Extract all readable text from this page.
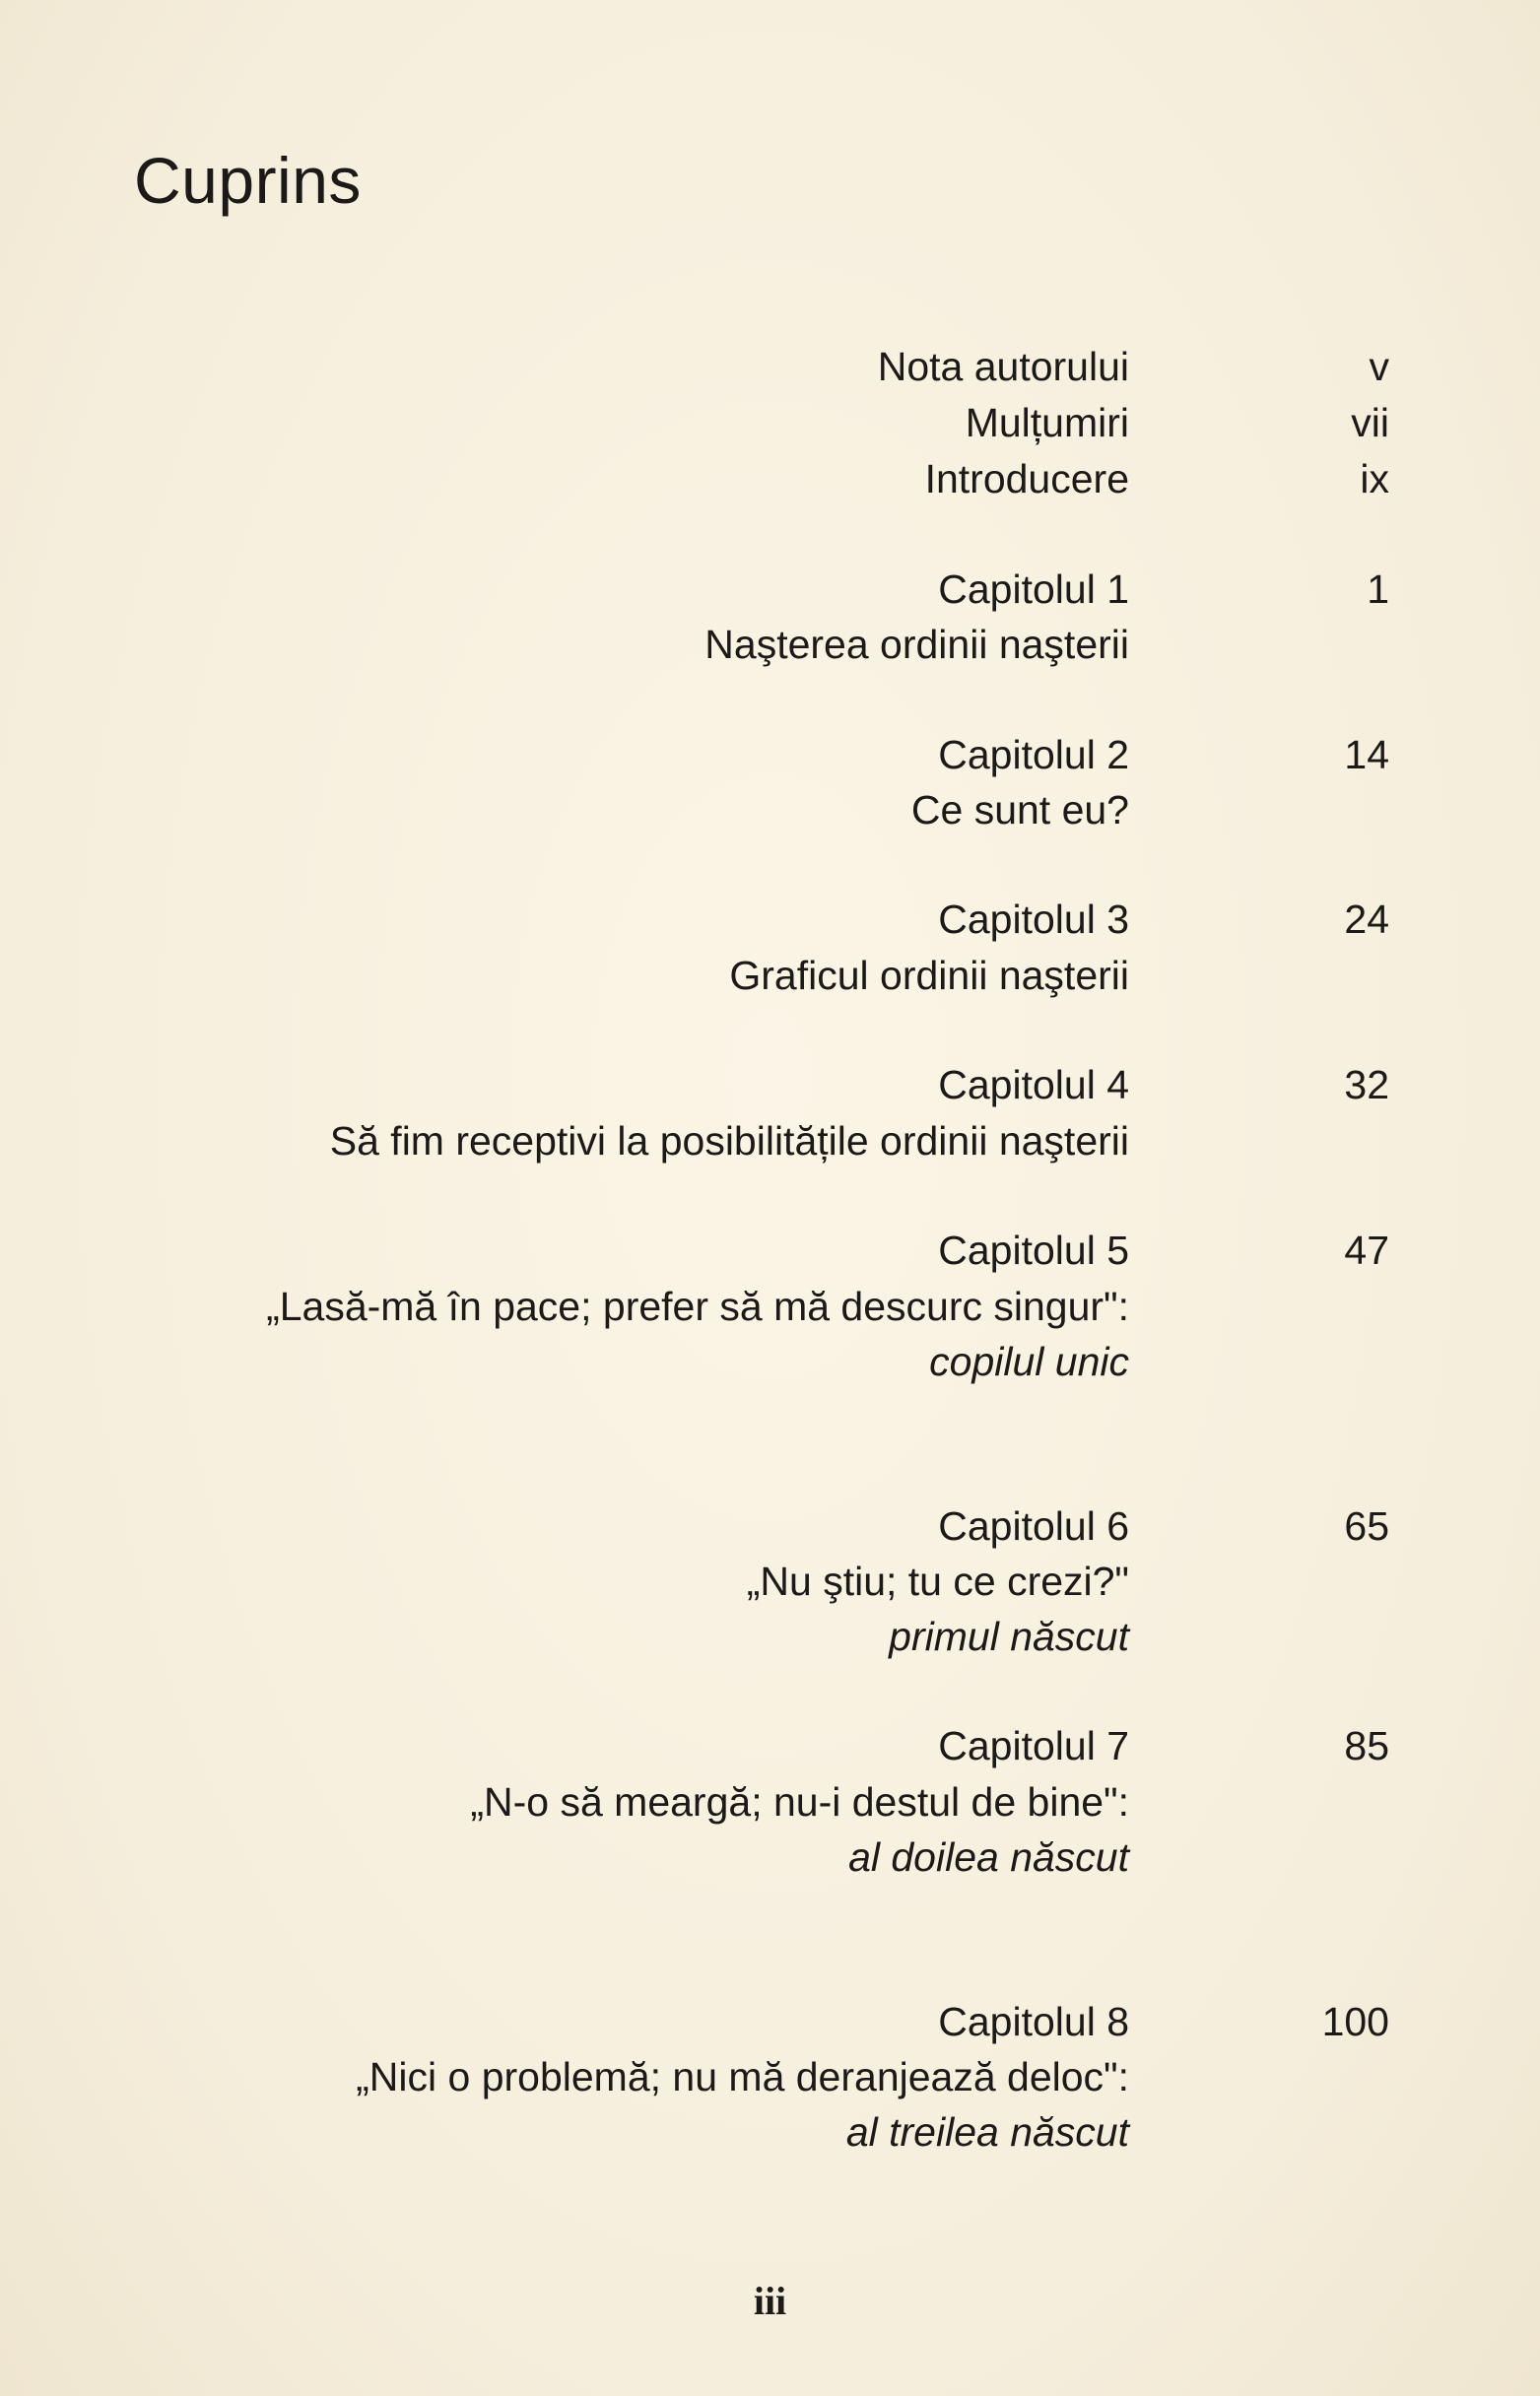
Cuprins
Nota autorului	v
Mulțumiri	vii
Introducere	ix
Capitolul 1	1
Naşterea ordinii naşterii
Capitolul 2	14
Ce sunt eu?
Capitolul 3	24
Graficul ordinii naşterii
Capitolul 4	32
Să fim receptivi la posibilitățile ordinii naşterii
Capitolul 5	47
„Lasă-mă în pace; prefer să mă descurc singur":
copilul unic
Capitolul 6	65
„Nu ştiu; tu ce crezi?"
primul născut
Capitolul 7	85
„N-o să meargă; nu-i destul de bine":
al doilea născut
Capitolul 8	100
„Nici o problemă; nu mă deranjează deloc":
al treilea născut
iii
